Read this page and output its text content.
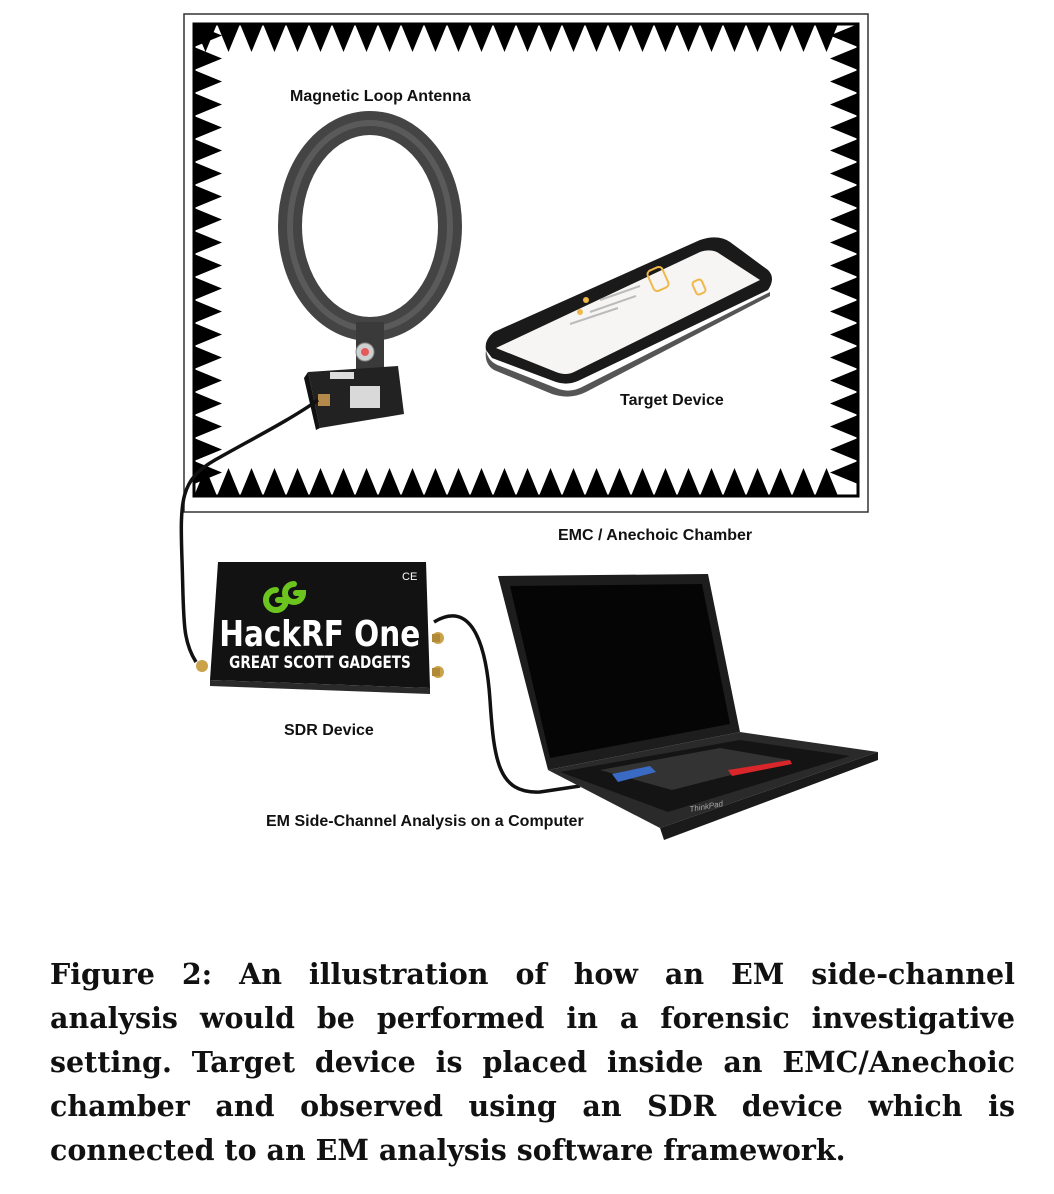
HackRF One
GREAT SCOTT GADGETS
CE
ThinkPad
Magnetic Loop Antenna
Target Device
EMC / Anechoic Chamber
SDR Device
EM Side-Channel Analysis on a Computer

Figure 2: An illustration of how an EM side-channel analysis would be performed in a forensic investigative setting. Target device is placed inside an EMC/Anechoic chamber and observed using an SDR device which is connected to an EM analysis software framework.
